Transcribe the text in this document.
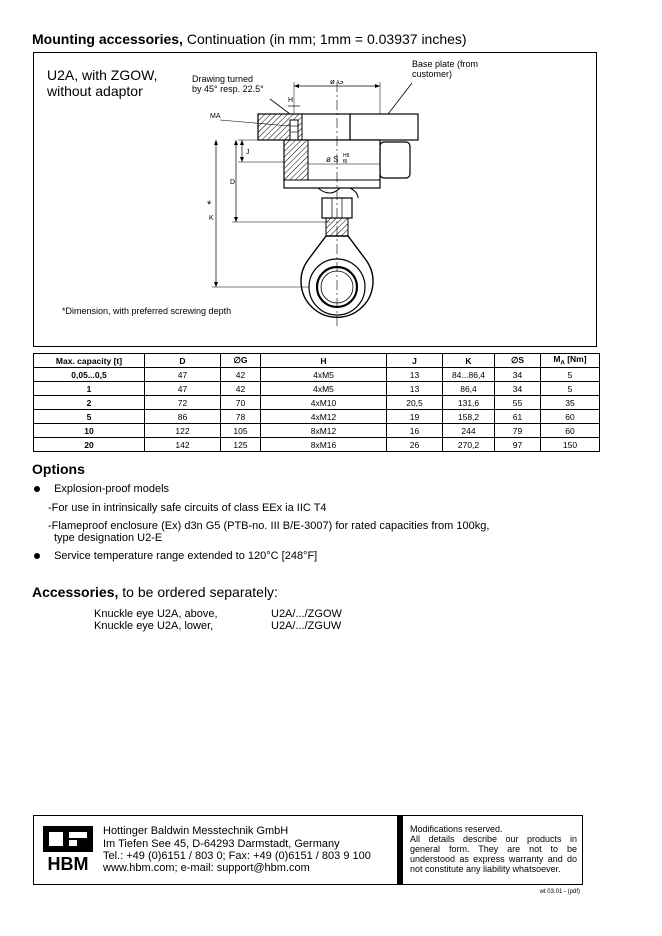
Mounting accessories, Continuation (in mm; 1mm = 0.03937 inches)
U2A, with ZGOW,
without adaptor
Drawing turned
by 45° resp. 22.5°
Base plate (from
customer)
ø G
H
MA
J
D
K
*
ø S H8
f8
*Dimension, with preferred screwing depth
Max. capacity [t]	D	∅G	H	J	K	∅S	$M_A$ [Nm]
0,05...0,5	47	42	4xM5	13	84...86,4	34	5
1	47	42	4xM5	13	86,4	34	5
2	72	70	4xM10	20,5	131,6	55	35
5	86	78	4xM12	19	158,2	61	60
10	122	105	8xM12	16	244	79	60
20	142	125	8xM16	26	270,2	97	150
Options
Explosion-proof models
-For use in intrinsically safe circuits of class EEx ia IIC T4
-Flameproof enclosure (Ex) d3n G5 (PTB-no. III B/E-3007) for rated capacities from 100kg,
type designation U2-E
Service temperature range extended to 120°C [248°F]
Accessories, to be ordered separately:
Knuckle eye U2A, above,	U2A/.../ZGOW
Knuckle eye U2A, lower,	U2A/.../ZGUW
HBM
Hottinger Baldwin Messtechnik GmbH
Im Tiefen See 45, D-64293 Darmstadt, Germany
Tel.: +49 (0)6151 / 803 0; Fax: +49 (0)6151 / 803 9 100
www.hbm.com; e-mail: support@hbm.com
Modifications reserved.
All details describe our products in general form. They are not to be understood as express warranty and do not constitute any liability whatsoever.
wt 03.01 - (pdf)
